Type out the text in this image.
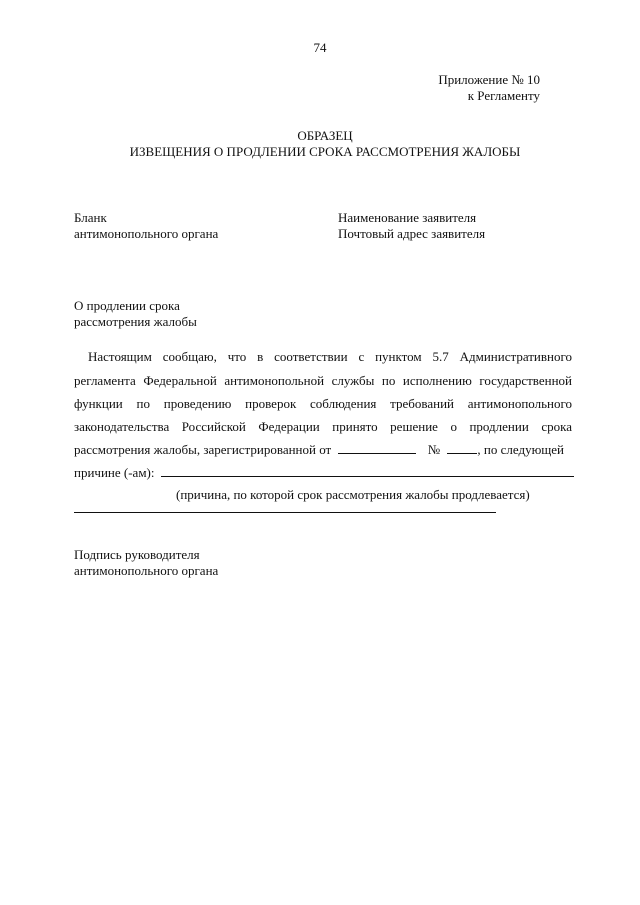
74
Приложение № 10
к Регламенту
ОБРАЗЕЦ
ИЗВЕЩЕНИЯ О ПРОДЛЕНИИ СРОКА РАССМОТРЕНИЯ ЖАЛОБЫ
Бланк
антимонопольного органа
Наименование заявителя
Почтовый адрес заявителя
О продлении срока
рассмотрения жалобы
Настоящим сообщаю, что в соответствии с пунктом 5.7 Административного
регламента Федеральной антимонопольной службы по исполнению государственной
функции по проведению проверок соблюдения требований антимонопольного
законодательства Российской Федерации принято решение о продлении срока
рассмотрения жалобы, зарегистрированной от	№	, по следующей
причине (-ам):
(причина, по которой срок рассмотрения жалобы продлевается)
Подпись руководителя
антимонопольного органа
